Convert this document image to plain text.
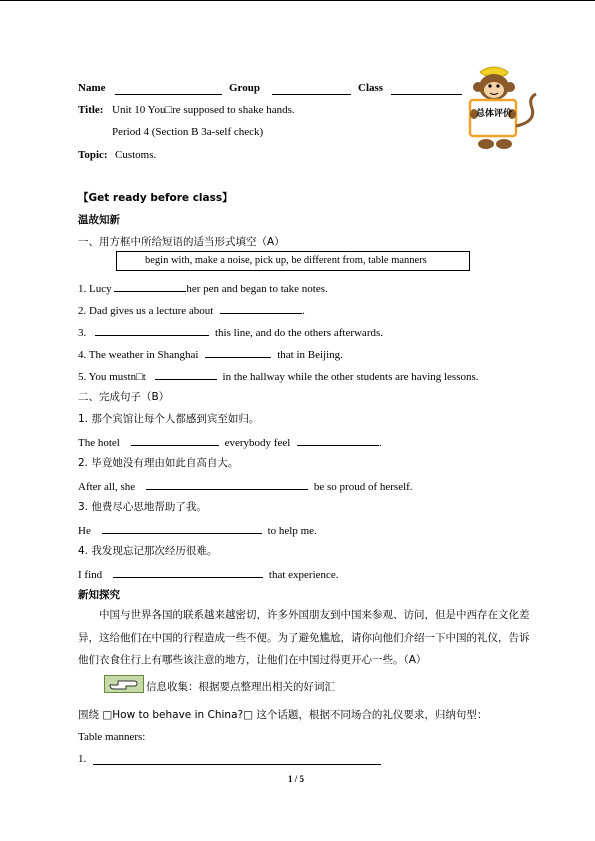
Name	Group	Class
总体评价
Title: Unit 10 You□re supposed to shake hands.
Period 4 (Section B 3a-self check)
Topic: Customs.
【Get ready before class】
温故知新
一、用方框中所给短语的适当形式填空（A）
begin with, make a noise, pick up, be different from, table manners
1. Lucy	her pen and began to take notes.
2. Dad gives us a lecture about	.
3.	this line, and do the others afterwards.
4. The weather in Shanghai	that in Beijing.
5. You mustn□t	in the hallway while the other students are having lessons.
二、完成句子（B）
1. 那个宾馆让每个人都感到宾至如归。
The hotel	everybody feel	.
2. 毕竟她没有理由如此自高自大。
After all, she	be so proud of herself.
3. 他费尽心思地帮助了我。
He	to help me.
4. 我发现忘记那次经历很难。
I find	that experience.
新知探究
中国与世界各国的联系越来越密切，许多外国朋友到中国来参观、访问，但是中西存在文化差异，这给他们在中国的行程造成一些不便。为了避免尴尬，请你向他们介绍一下中国的礼仪，告诉他们衣食住行上有哪些该注意的地方，让他们在中国过得更开心一些。（A）
信息收集：根据要点整理出相关的好词汇
围绕 □How to behave in China?□ 这个话题，根据不同场合的礼仪要求，归纳句型：
Table manners:
1.
1 / 5
